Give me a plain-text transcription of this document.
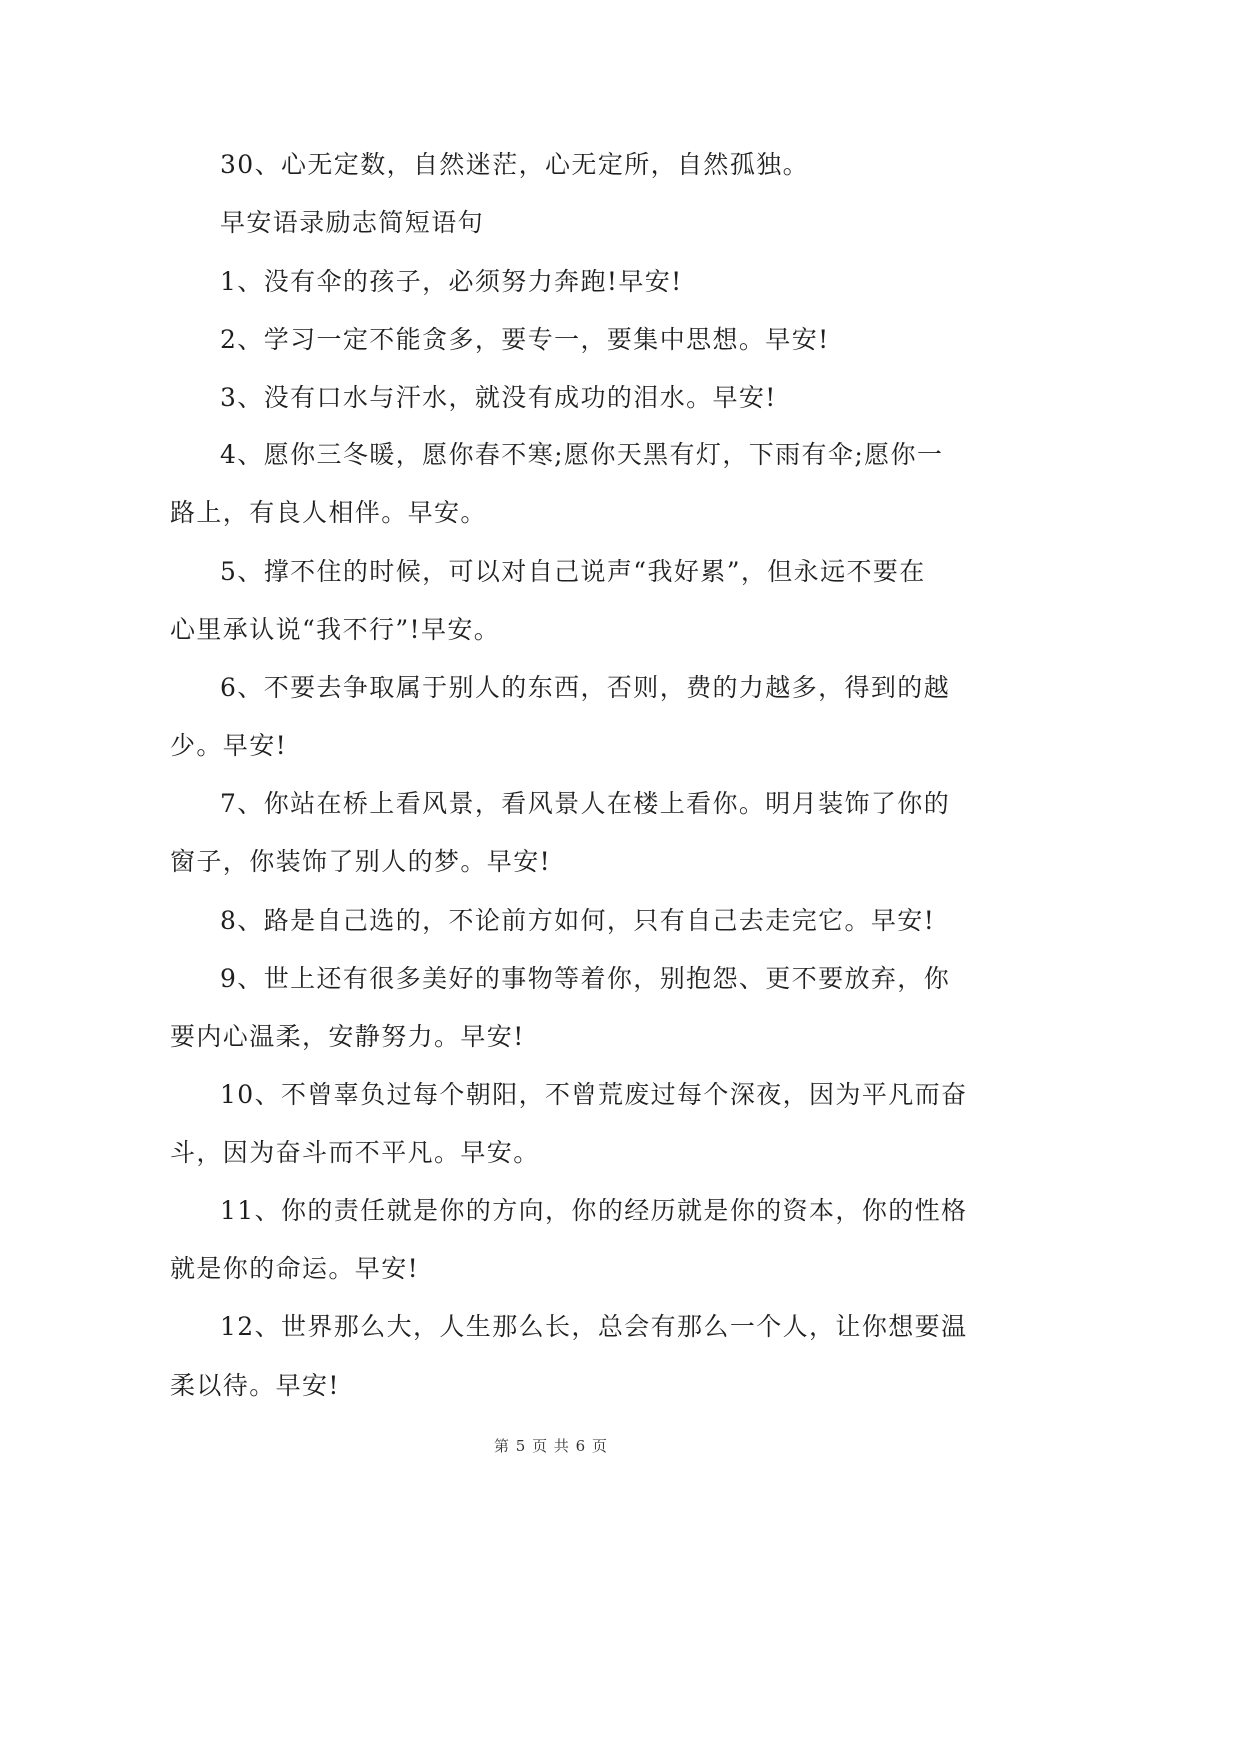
30、心无定数，自然迷茫，心无定所，自然孤独。
早安语录励志简短语句
1、没有伞的孩子，必须努力奔跑!早安!
2、学习一定不能贪多，要专一，要集中思想。早安!
3、没有口水与汗水，就没有成功的泪水。早安!
4、愿你三冬暖，愿你春不寒;愿你天黑有灯，下雨有伞;愿你一
路上，有良人相伴。早安。
5、撑不住的时候，可以对自己说声“我好累”，但永远不要在
心里承认说“我不行”!早安。
6、不要去争取属于别人的东西，否则，费的力越多，得到的越
少。早安!
7、你站在桥上看风景，看风景人在楼上看你。明月装饰了你的
窗子，你装饰了别人的梦。早安!
8、路是自己选的，不论前方如何，只有自己去走完它。早安!
9、世上还有很多美好的事物等着你，别抱怨、更不要放弃，你
要内心温柔，安静努力。早安!
10、不曾辜负过每个朝阳，不曾荒废过每个深夜，因为平凡而奋
斗，因为奋斗而不平凡。早安。
11、你的责任就是你的方向，你的经历就是你的资本，你的性格
就是你的命运。早安!
12、世界那么大，人生那么长，总会有那么一个人，让你想要温
柔以待。早安!
第 5 页 共 6 页
